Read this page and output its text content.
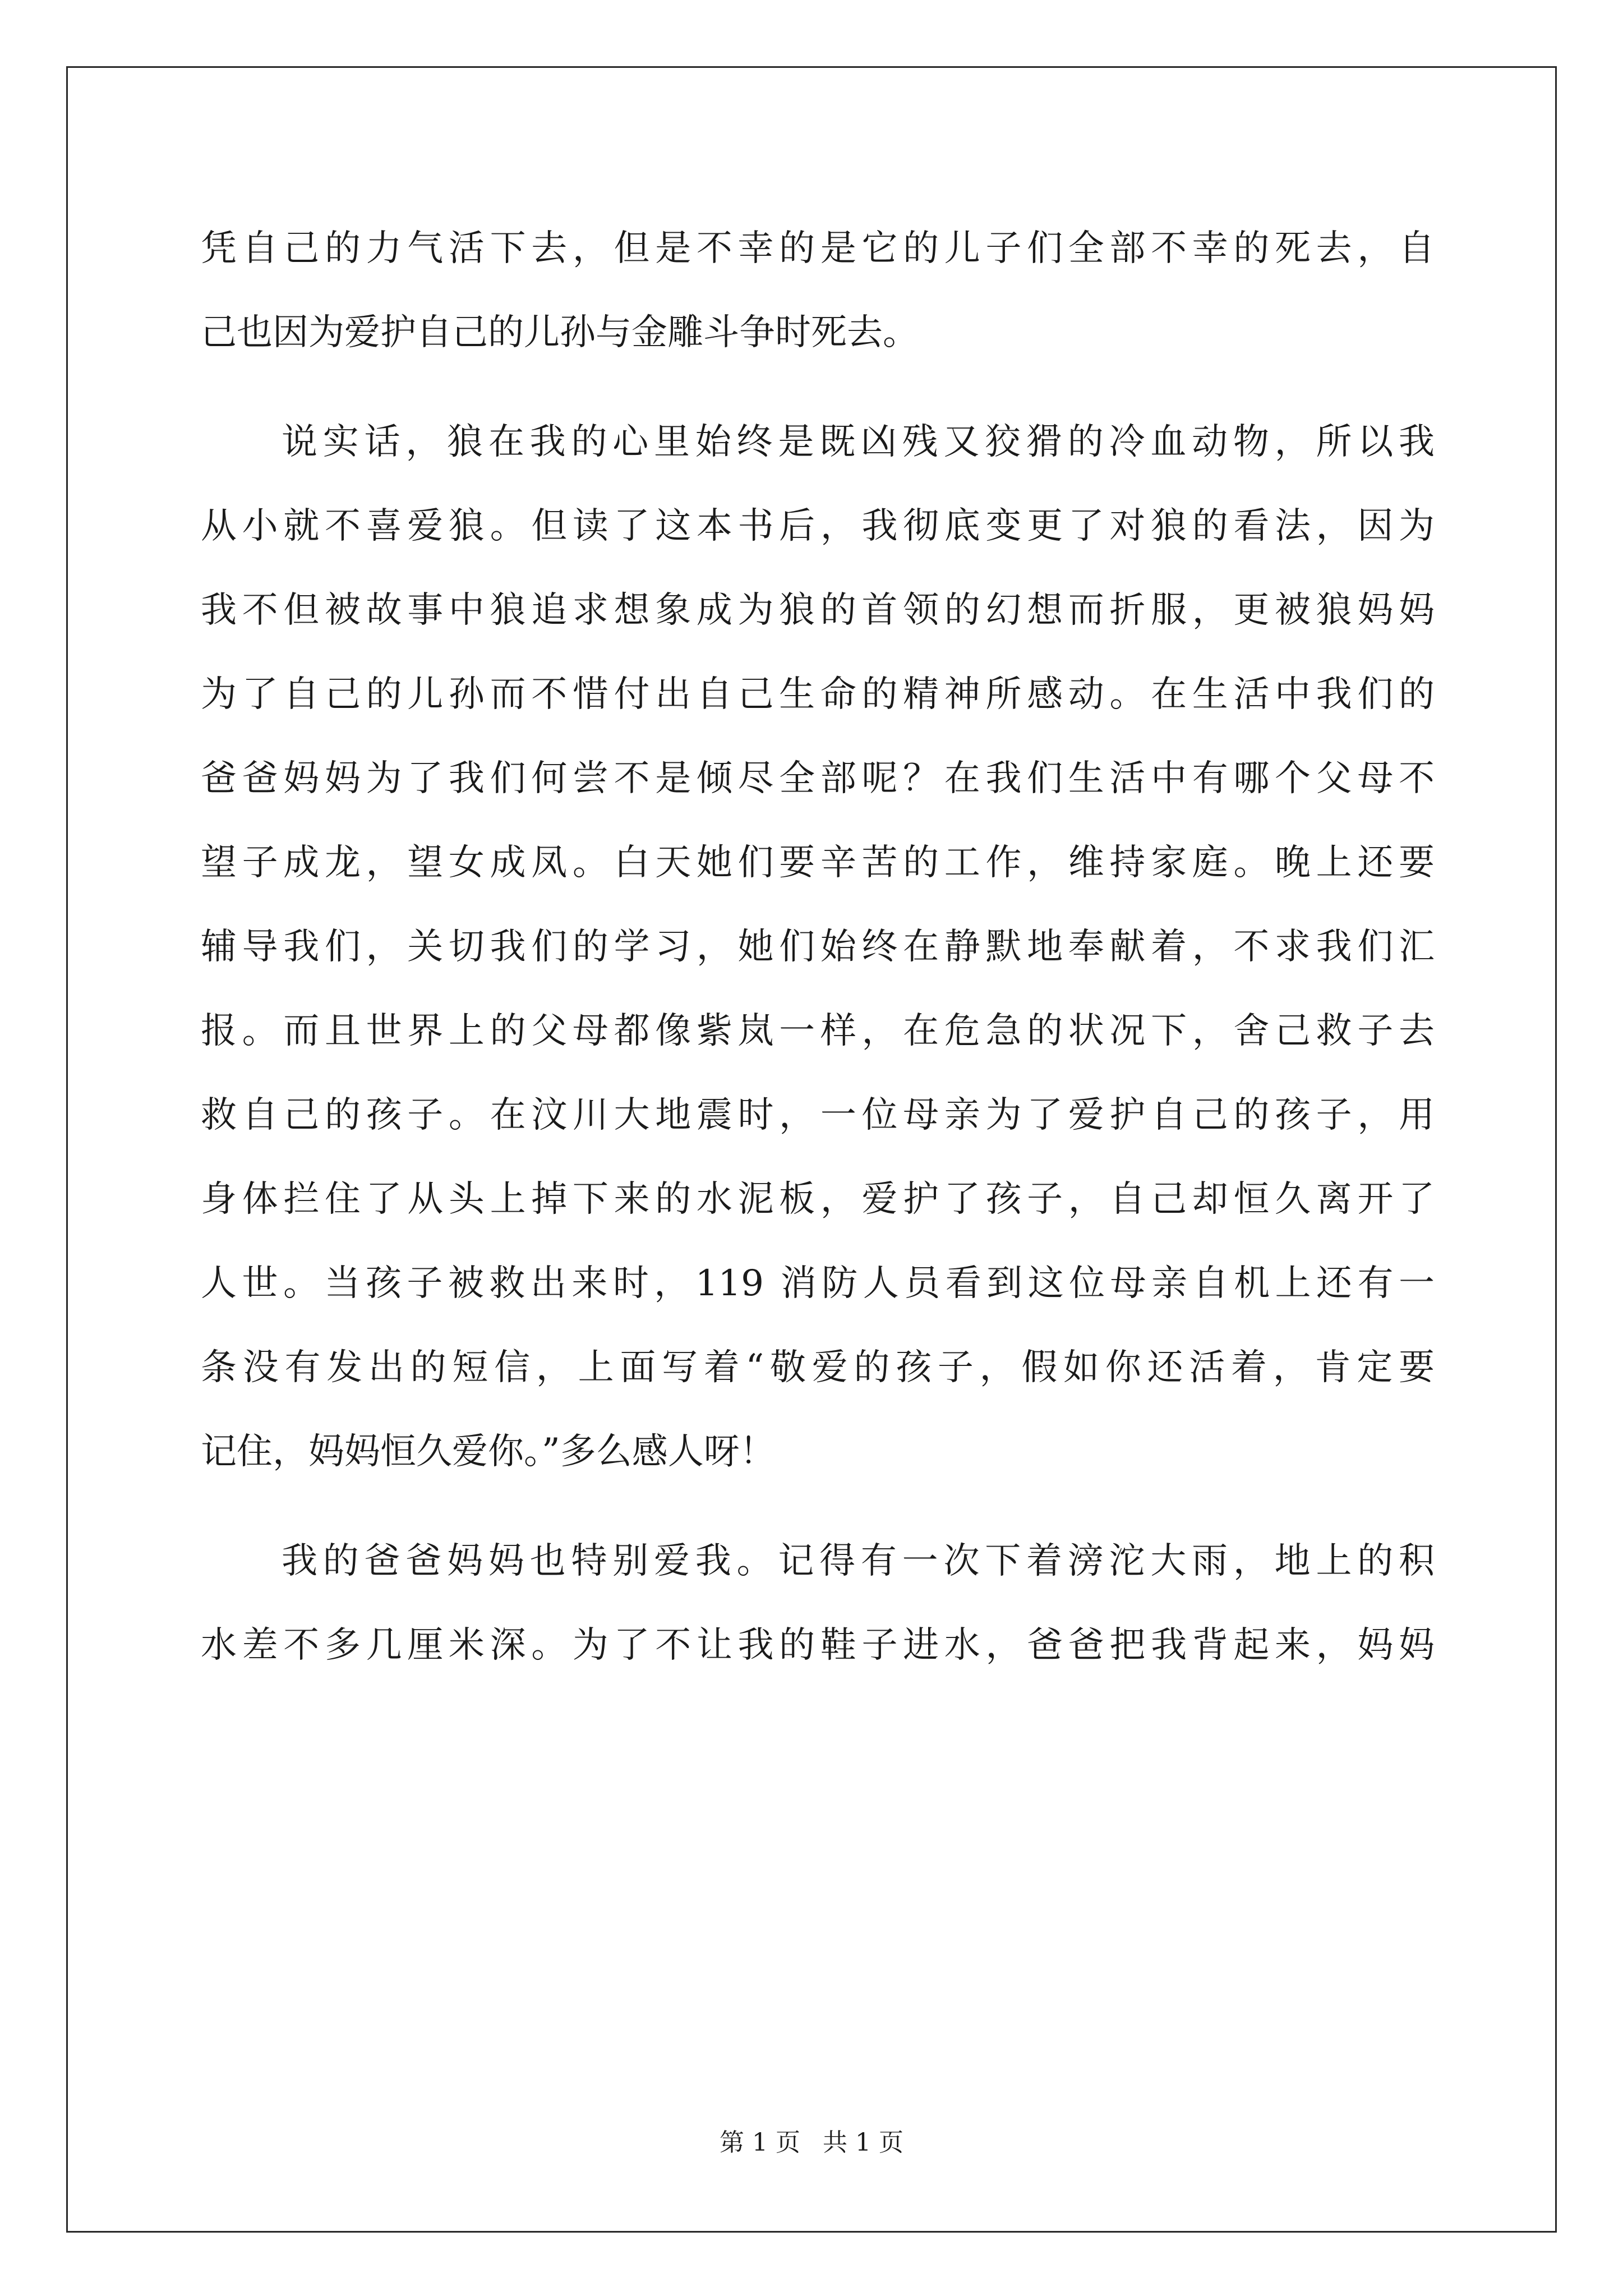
凭自己的力气活下去，但是不幸的是它的儿子们全部不幸的死去，自
己也因为爱护自己的儿孙与金雕斗争时死去。
说实话，狼在我的心里始终是既凶残又狡猾的冷血动物，所以我
从小就不喜爱狼。但读了这本书后，我彻底变更了对狼的看法，因为
我不但被故事中狼追求想象成为狼的首领的幻想而折服，更被狼妈妈
为了自己的儿孙而不惜付出自己生命的精神所感动。在生活中我们的
爸爸妈妈为了我们何尝不是倾尽全部呢？在我们生活中有哪个父母不
望子成龙，望女成凤。白天她们要辛苦的工作，维持家庭。晚上还要
辅导我们，关切我们的学习，她们始终在静默地奉献着，不求我们汇
报。而且世界上的父母都像紫岚一样，在危急的状况下，舍己救子去
救自己的孩子。在汶川大地震时，一位母亲为了爱护自己的孩子，用
身体拦住了从头上掉下来的水泥板，爱护了孩子，自己却恒久离开了
人世。当孩子被救出来时，119 消防人员看到这位母亲自机上还有一
条没有发出的短信，上面写着“敬爱的孩子，假如你还活着，肯定要
记住，妈妈恒久爱你。”多么感人呀！
我的爸爸妈妈也特别爱我。记得有一次下着滂沱大雨，地上的积
水差不多几厘米深。为了不让我的鞋子进水，爸爸把我背起来，妈妈
第 1 页 共 1 页
